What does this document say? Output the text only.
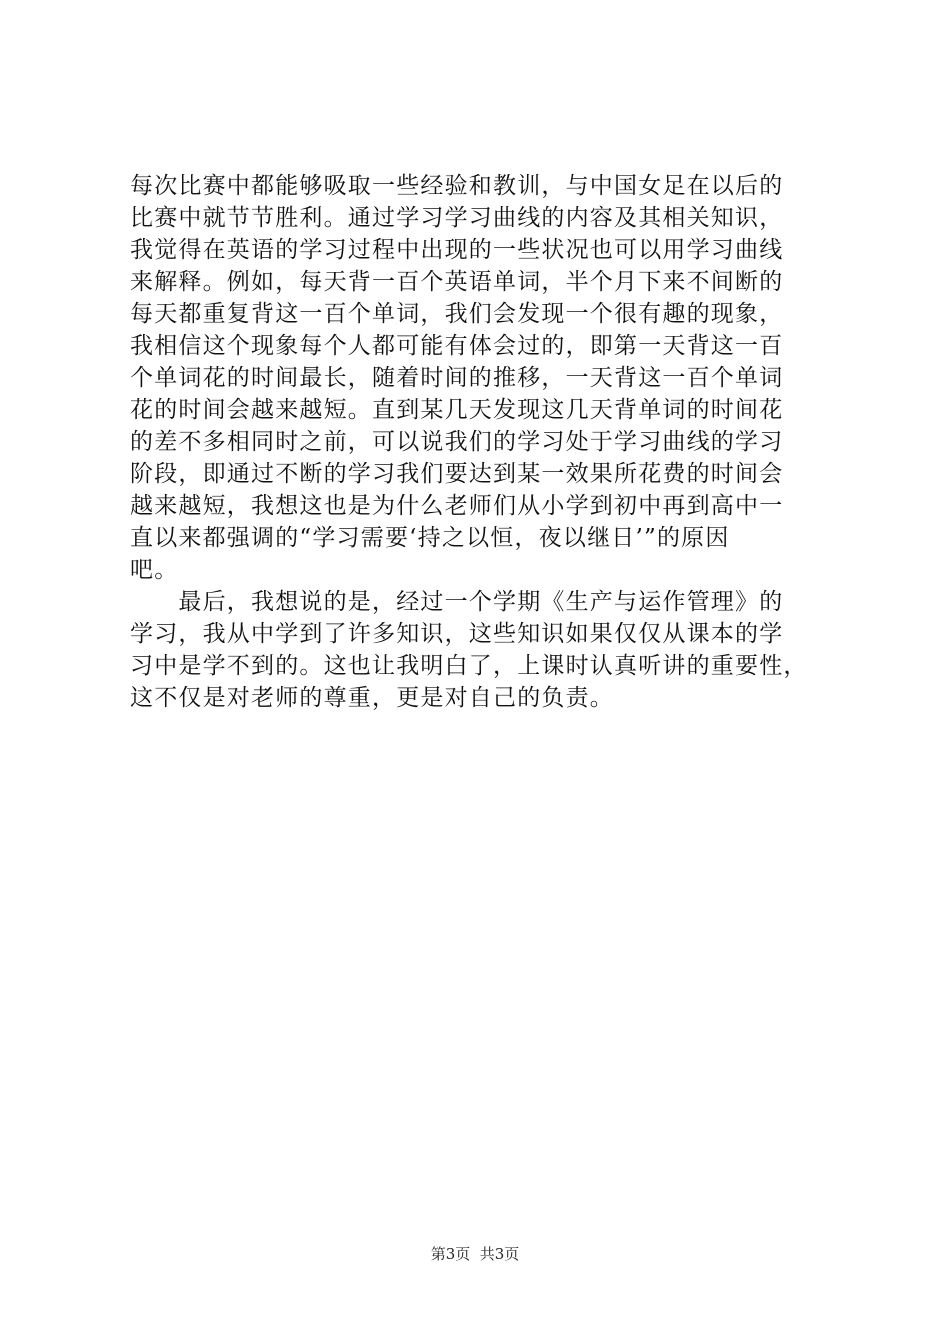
每次比赛中都能够吸取一些经验和教训，与中国女足在以后的
比赛中就节节胜利。通过学习学习曲线的内容及其相关知识，
我觉得在英语的学习过程中出现的一些状况也可以用学习曲线
来解释。例如，每天背一百个英语单词，半个月下来不间断的
每天都重复背这一百个单词，我们会发现一个很有趣的现象，
我相信这个现象每个人都可能有体会过的，即第一天背这一百
个单词花的时间最长，随着时间的推移，一天背这一百个单词
花的时间会越来越短。直到某几天发现这几天背单词的时间花
的差不多相同时之前，可以说我们的学习处于学习曲线的学习
阶段，即通过不断的学习我们要达到某一效果所花费的时间会
越来越短，我想这也是为什么老师们从小学到初中再到高中一
直以来都强调的“学习需要‘持之以恒，夜以继日’”的原因
吧。
　　最后，我想说的是，经过一个学期《生产与运作管理》的
学习，我从中学到了许多知识，这些知识如果仅仅从课本的学
习中是学不到的。这也让我明白了，上课时认真听讲的重要性，
这不仅是对老师的尊重，更是对自己的负责。
第3页  共3页
